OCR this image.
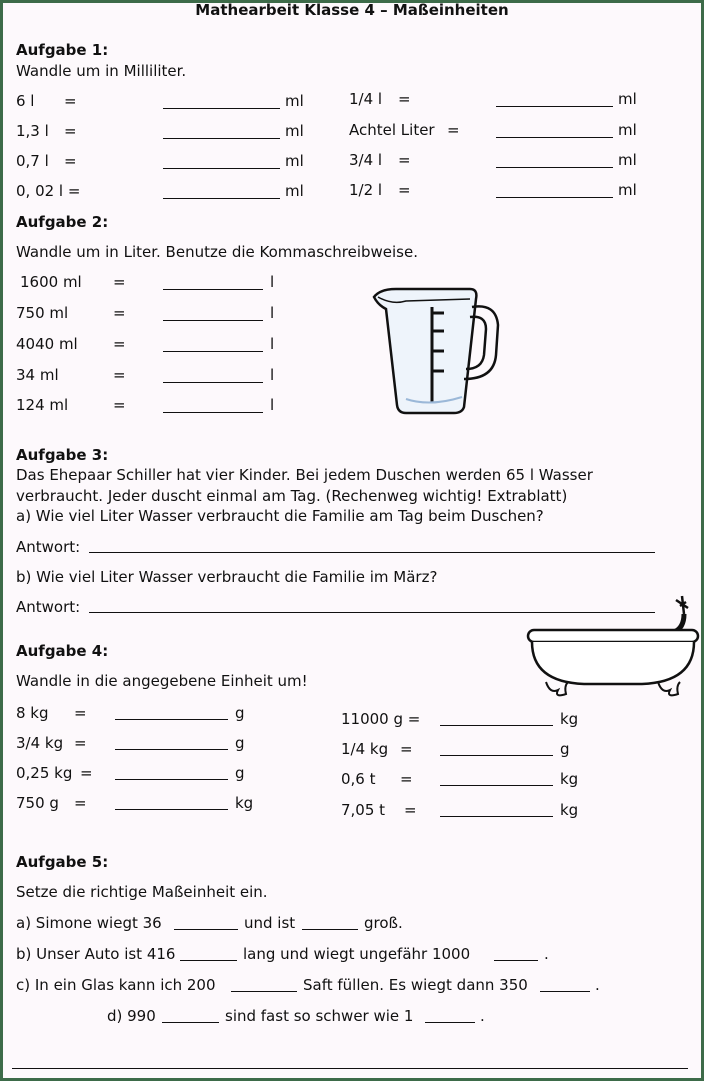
Mathearbeit Klasse 4 – Maßeinheiten
Aufgabe 1:
Wandle um in Milliliter.
6 l =	ml
1,3 l =	ml
0,7 l =	ml
0, 02 l =	ml
1/4 l =	ml
Achtel Liter =	ml
3/4 l =	ml
1/2 l =	ml
Aufgabe 2:
Wandle um in Liter. Benutze die Kommaschreibweise.
1600 ml =	l
750 ml	=	l
4040 ml =	l
34 ml	=	l
124 ml	=	l
Aufgabe 3:
Das Ehepaar Schiller hat vier Kinder. Bei jedem Duschen werden 65 l Wasser
verbraucht. Jeder duscht einmal am Tag. (Rechenweg wichtig! Extrablatt)
a) Wie viel Liter Wasser verbraucht die Familie am Tag beim Duschen?
Antwort:
b) Wie viel Liter Wasser verbraucht die Familie im März?
Antwort:
Aufgabe 4:
Wandle in die angegebene Einheit um!
8 kg =	g
3/4 kg =	g
0,25 kg =	g
750 g =	kg
11000 g =	kg
1/4 kg =	g
0,6 t =	kg
7,05 t =	kg
Aufgabe 5:
Setze die richtige Maßeinheit ein.
a) Simone wiegt 36	und ist	groß.
b) Unser Auto ist 416	lang und wiegt ungefähr 1000	.
c) In ein Glas kann ich 200	Saft füllen. Es wiegt dann 350	.
d) 990	sind fast so schwer wie 1	.
